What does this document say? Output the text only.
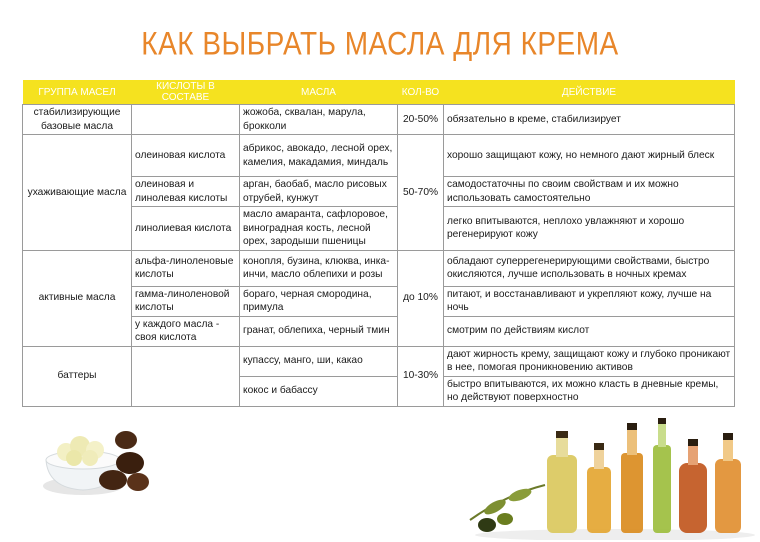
КАК ВЫБРАТЬ МАСЛА ДЛЯ КРЕМА
ГРУППА МАСЕЛ	КИСЛОТЫ В СОСТАВЕ	МАСЛА	КОЛ-ВО	ДЕЙСТВИЕ
стабилизирующие базовые масла		жожоба, сквалан, марула, брокколи	20-50%	обязательно в креме, стабилизирует
ухаживающие масла	олеиновая кислота	абрикос, авокадо, лесной орех, камелия, макадамия, миндаль	50-70%	хорошо защищают кожу, но немного дают жирный блеск
	олеиновая и линолевая кислоты	арган, баобаб, масло рисовых отрубей, кунжут		самодостаточны по своим свойствам и их можно использовать самостоятельно
	линолиевая кислота	масло амаранта, сафлоровое, виноградная кость, лесной орех, зародыши пшеницы		легко впитываются, неплохо увлажняют и хорошо регенерируют кожу
активные масла	альфа-линоленовые кислоты	конопля, бузина, клюква, инка-инчи, масло облепихи и розы	до 10%	обладают суперрегенерирующими свойствами, быстро окисляются, лучше использовать в ночных кремах
	гамма-линоленовой кислоты	бораго, черная смородина, примула		питают, и восстанавливают и укрепляют кожу, лучше на ночь
	у каждого масла - своя кислота	гранат, облепиха, черный тмин		смотрим по действиям кислот
баттеры		купассу, манго, ши, какао	10-30%	дают жирность крему, защищают кожу и глубоко проникают в нее, помогая проникновению активов
		кокос и бабассу		быстро впитываются, их можно класть в дневные кремы, но действуют поверхностно
